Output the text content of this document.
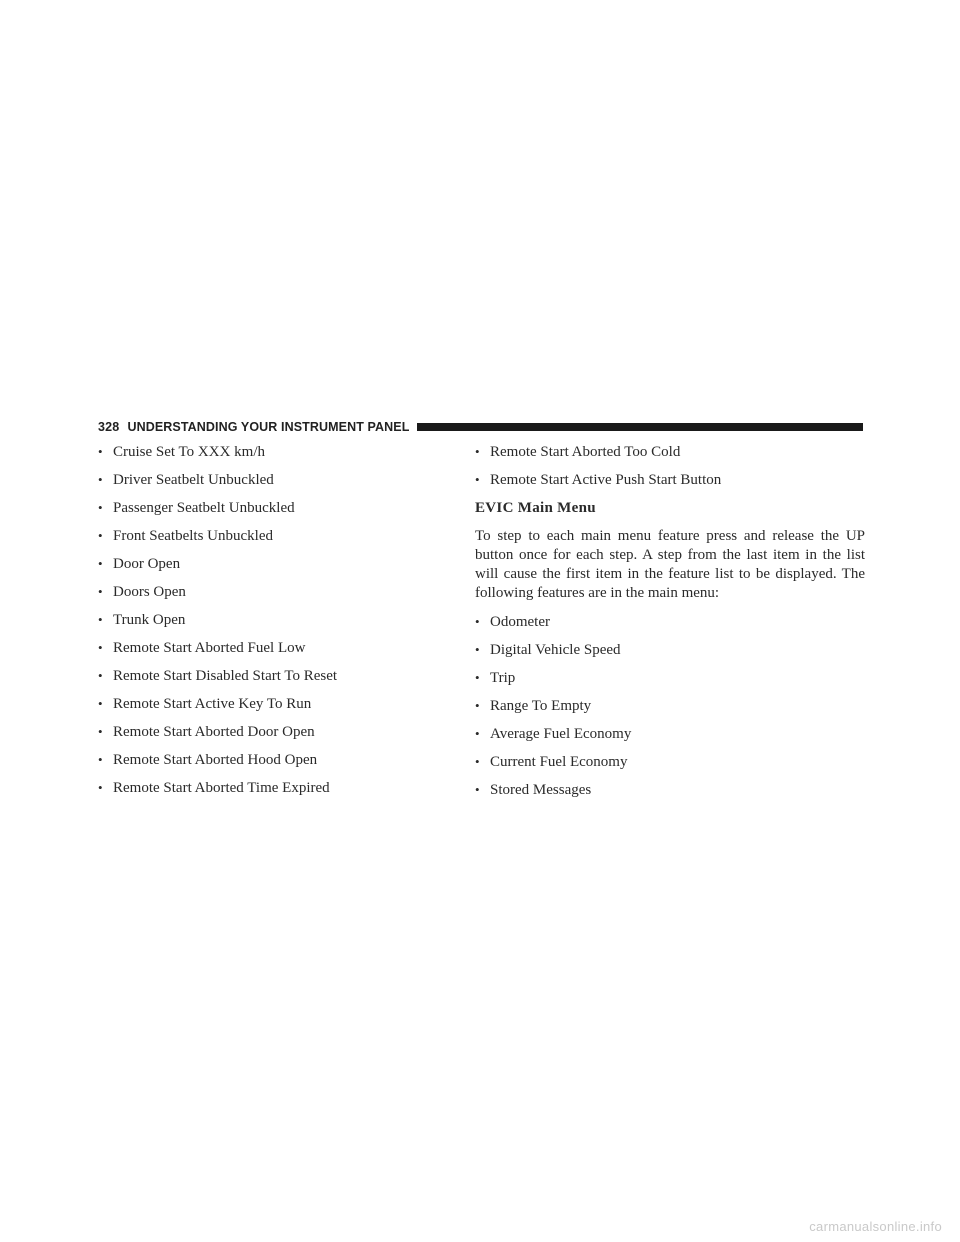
328 UNDERSTANDING YOUR INSTRUMENT PANEL
• Cruise Set To XXX km/h
• Driver Seatbelt Unbuckled
• Passenger Seatbelt Unbuckled
• Front Seatbelts Unbuckled
• Door Open
• Doors Open
• Trunk Open
• Remote Start Aborted Fuel Low
• Remote Start Disabled Start To Reset
• Remote Start Active Key To Run
• Remote Start Aborted Door Open
• Remote Start Aborted Hood Open
• Remote Start Aborted Time Expired
• Remote Start Aborted Too Cold
• Remote Start Active Push Start Button
EVIC Main Menu

To step to each main menu feature press and release the UP button once for each step. A step from the last item in the list will cause the first item in the feature list to be displayed. The following features are in the main menu:

• Odometer
• Digital Vehicle Speed
• Trip
• Range To Empty
• Average Fuel Economy
• Current Fuel Economy
• Stored Messages
carmanualsonline.info
